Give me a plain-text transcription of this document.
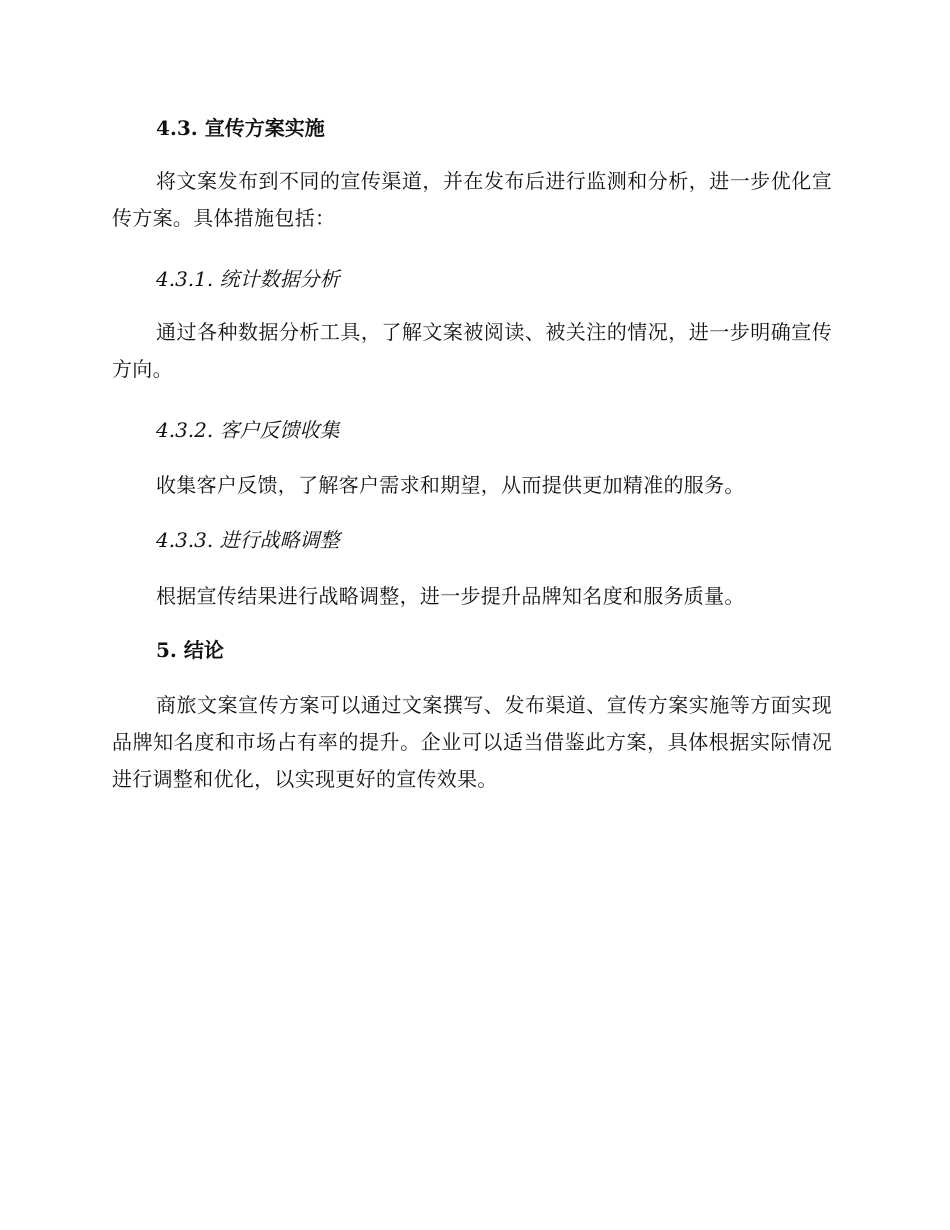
4.3. 宣传方案实施
将文案发布到不同的宣传渠道，并在发布后进行监测和分析，进一步优化宣传方案。具体措施包括：
4.3.1. 统计数据分析
通过各种数据分析工具，了解文案被阅读、被关注的情况，进一步明确宣传方向。
4.3.2. 客户反馈收集
收集客户反馈，了解客户需求和期望，从而提供更加精准的服务。
4.3.3. 进行战略调整
根据宣传结果进行战略调整，进一步提升品牌知名度和服务质量。
5. 结论
商旅文案宣传方案可以通过文案撰写、发布渠道、宣传方案实施等方面实现品牌知名度和市场占有率的提升。企业可以适当借鉴此方案，具体根据实际情况进行调整和优化，以实现更好的宣传效果。
